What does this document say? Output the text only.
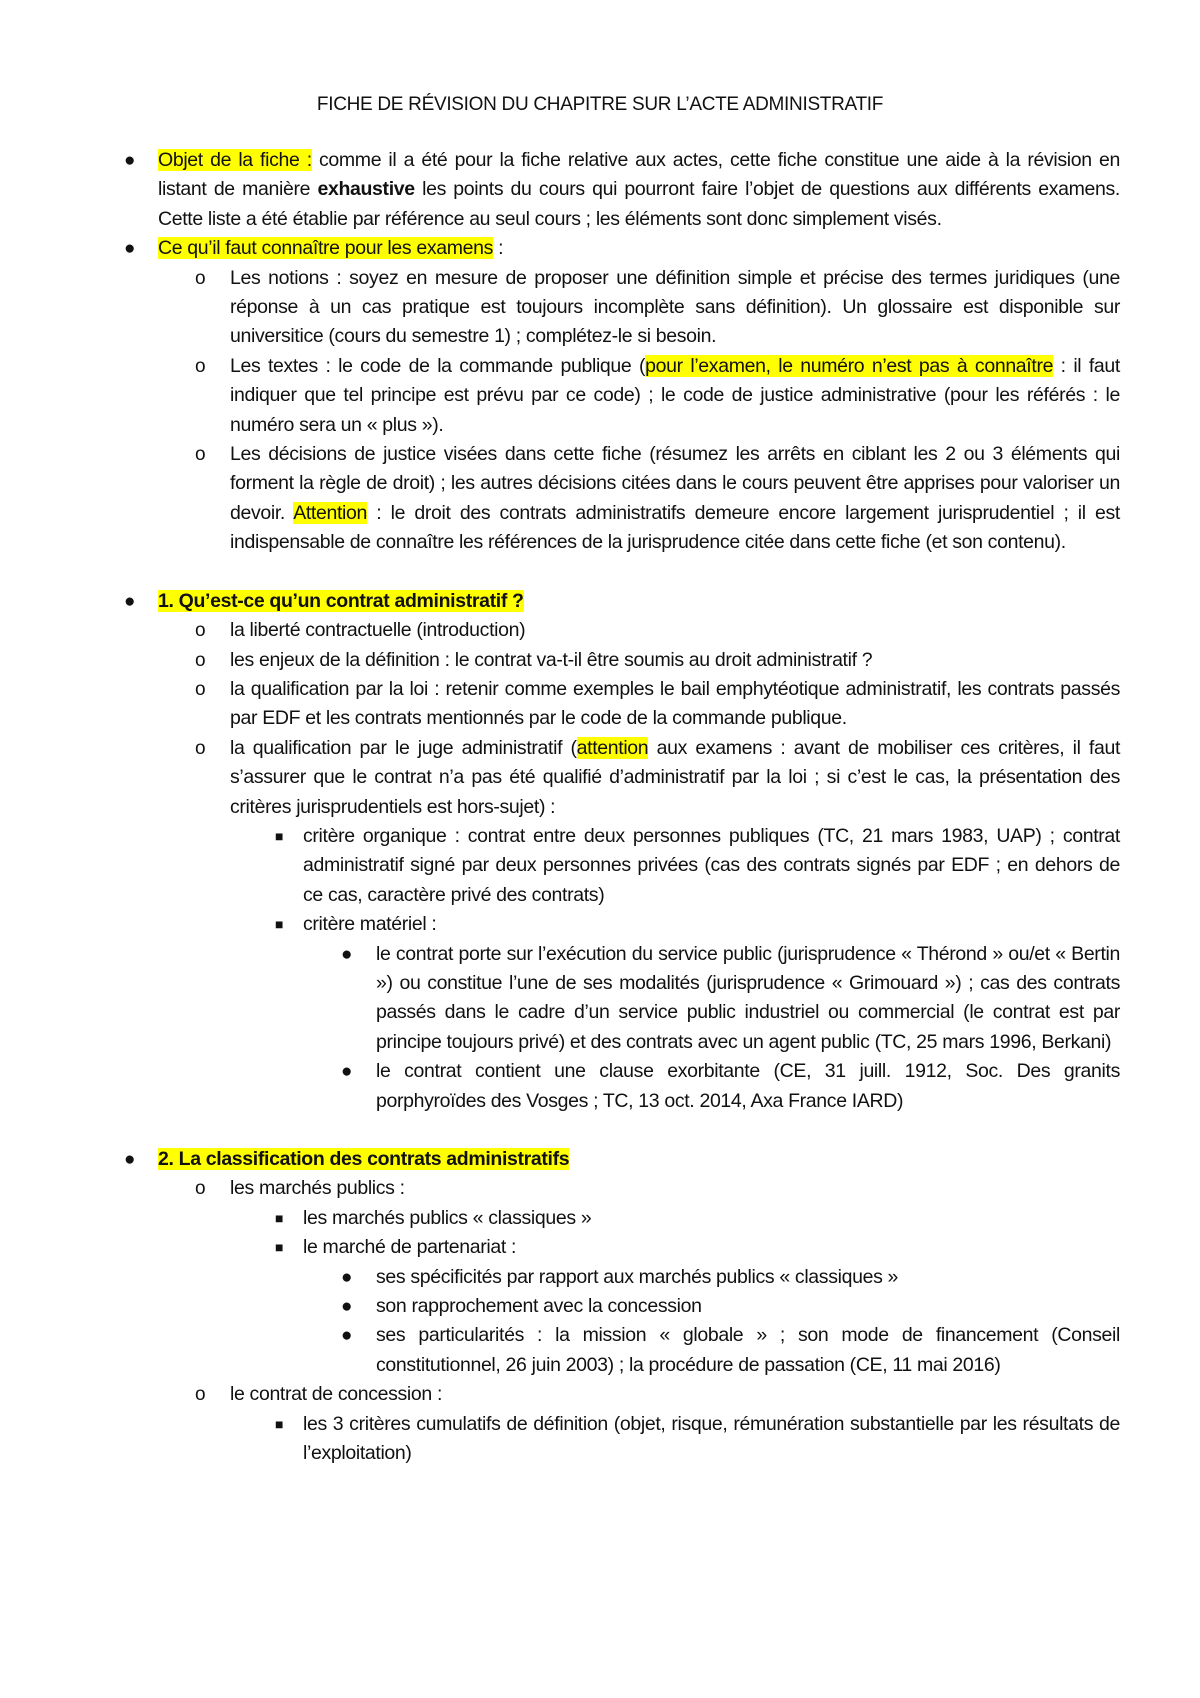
FICHE DE RÉVISION DU CHAPITRE SUR L’ACTE ADMINISTRATIF
● Objet de la fiche : comme il a été pour la fiche relative aux actes, cette fiche constitue une aide à la révision en listant de manière exhaustive les points du cours qui pourront faire l’objet de questions aux différents examens. Cette liste a été établie par référence au seul cours ; les éléments sont donc simplement visés.
● Ce qu’il faut connaître pour les examens :
o Les notions : soyez en mesure de proposer une définition simple et précise des termes juridiques (une réponse à un cas pratique est toujours incomplète sans définition). Un glossaire est disponible sur universitice (cours du semestre 1) ; complétez-le si besoin.
o Les textes : le code de la commande publique (pour l’examen, le numéro n’est pas à connaître : il faut indiquer que tel principe est prévu par ce code) ; le code de justice administrative (pour les référés : le numéro sera un « plus »).
o Les décisions de justice visées dans cette fiche (résumez les arrêts en ciblant les 2 ou 3 éléments qui forment la règle de droit) ; les autres décisions citées dans le cours peuvent être apprises pour valoriser un devoir. Attention : le droit des contrats administratifs demeure encore largement jurisprudentiel ; il est indispensable de connaître les références de la jurisprudence citée dans cette fiche (et son contenu).
● 1. Qu’est-ce qu’un contrat administratif ?
o la liberté contractuelle (introduction)
o les enjeux de la définition : le contrat va-t-il être soumis au droit administratif ?
o la qualification par la loi : retenir comme exemples le bail emphytéotique administratif, les contrats passés par EDF et les contrats mentionnés par le code de la commande publique.
o la qualification par le juge administratif (attention aux examens : avant de mobiliser ces critères, il faut s’assurer que le contrat n’a pas été qualifié d’administratif par la loi ; si c’est le cas, la présentation des critères jurisprudentiels est hors-sujet) :
■ critère organique : contrat entre deux personnes publiques (TC, 21 mars 1983, UAP) ; contrat administratif signé par deux personnes privées (cas des contrats signés par EDF ; en dehors de ce cas, caractère privé des contrats)
■ critère matériel :
● le contrat porte sur l’exécution du service public (jurisprudence « Thérond » ou/et « Bertin ») ou constitue l’une de ses modalités (jurisprudence « Grimouard ») ; cas des contrats passés dans le cadre d’un service public industriel ou commercial (le contrat est par principe toujours privé) et des contrats avec un agent public (TC, 25 mars 1996, Berkani)
● le contrat contient une clause exorbitante (CE, 31 juill. 1912, Soc. Des granits porphyroïdes des Vosges ; TC, 13 oct. 2014, Axa France IARD)
● 2. La classification des contrats administratifs
o les marchés publics :
■ les marchés publics « classiques »
■ le marché de partenariat :
● ses spécificités par rapport aux marchés publics « classiques »
● son rapprochement avec la concession
● ses particularités : la mission « globale » ; son mode de financement (Conseil constitutionnel, 26 juin 2003) ; la procédure de passation (CE, 11 mai 2016)
o le contrat de concession :
■ les 3 critères cumulatifs de définition (objet, risque, rémunération substantielle par les résultats de l’exploitation)
